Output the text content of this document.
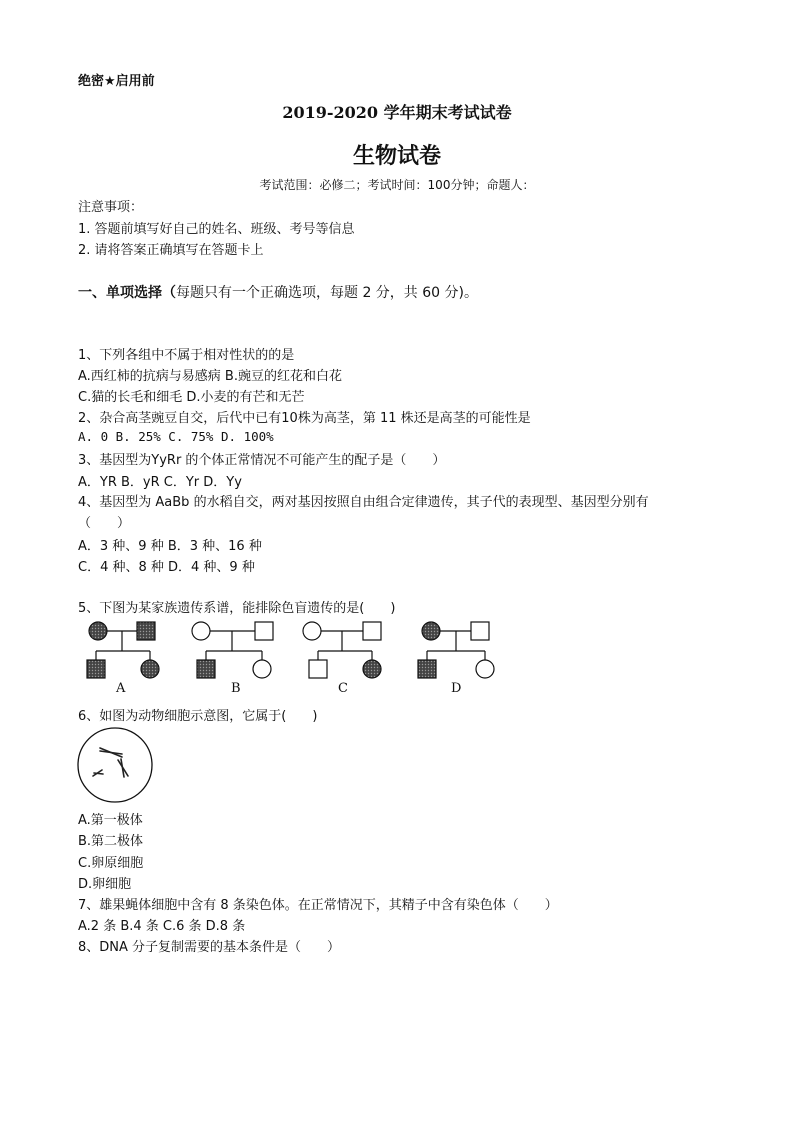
绝密★启用前
2019-2020 学年期末考试试卷
生物试卷
考试范围：必修二；考试时间：100分钟；命题人：
注意事项：
1. 答题前填写好自己的姓名、班级、考号等信息
2. 请将答案正确填写在答题卡上
一、单项选择（每题只有一个正确选项，每题 2 分，共 60 分)。
1、下列各组中不属于相对性状的的是
A.西红柿的抗病与易感病 B.豌豆的红花和白花
C.猫的长毛和细毛 D.小麦的有芒和无芒
2、杂合高茎豌豆自交，后代中已有10株为高茎，第 11 株还是高茎的可能性是
A. 0 B. 25% C. 75% D. 100%
3、基因型为YyRr 的个体正常情况不可能产生的配子是（　　）
A．YR B．yR C．Yr D．Yy
4、基因型为 AaBb 的水稻自交，两对基因按照自由组合定律遗传，其子代的表现型、基因型分别有
（　　）
A．3 种、9 种 B．3 种、16 种
C．4 种、8 种 D．4 种、9 种
5、下图为某家族遗传系谱，能排除色盲遗传的是(　　)
A	B	C	D
6、如图为动物细胞示意图，它属于(　　)
A.第一极体
B.第二极体
C.卵原细胞
D.卵细胞
7、雄果蝇体细胞中含有 8 条染色体。在正常情况下，其精子中含有染色体（　　）
A.2 条 B.4 条 C.6 条 D.8 条
8、DNA 分子复制需要的基本条件是（　　）
